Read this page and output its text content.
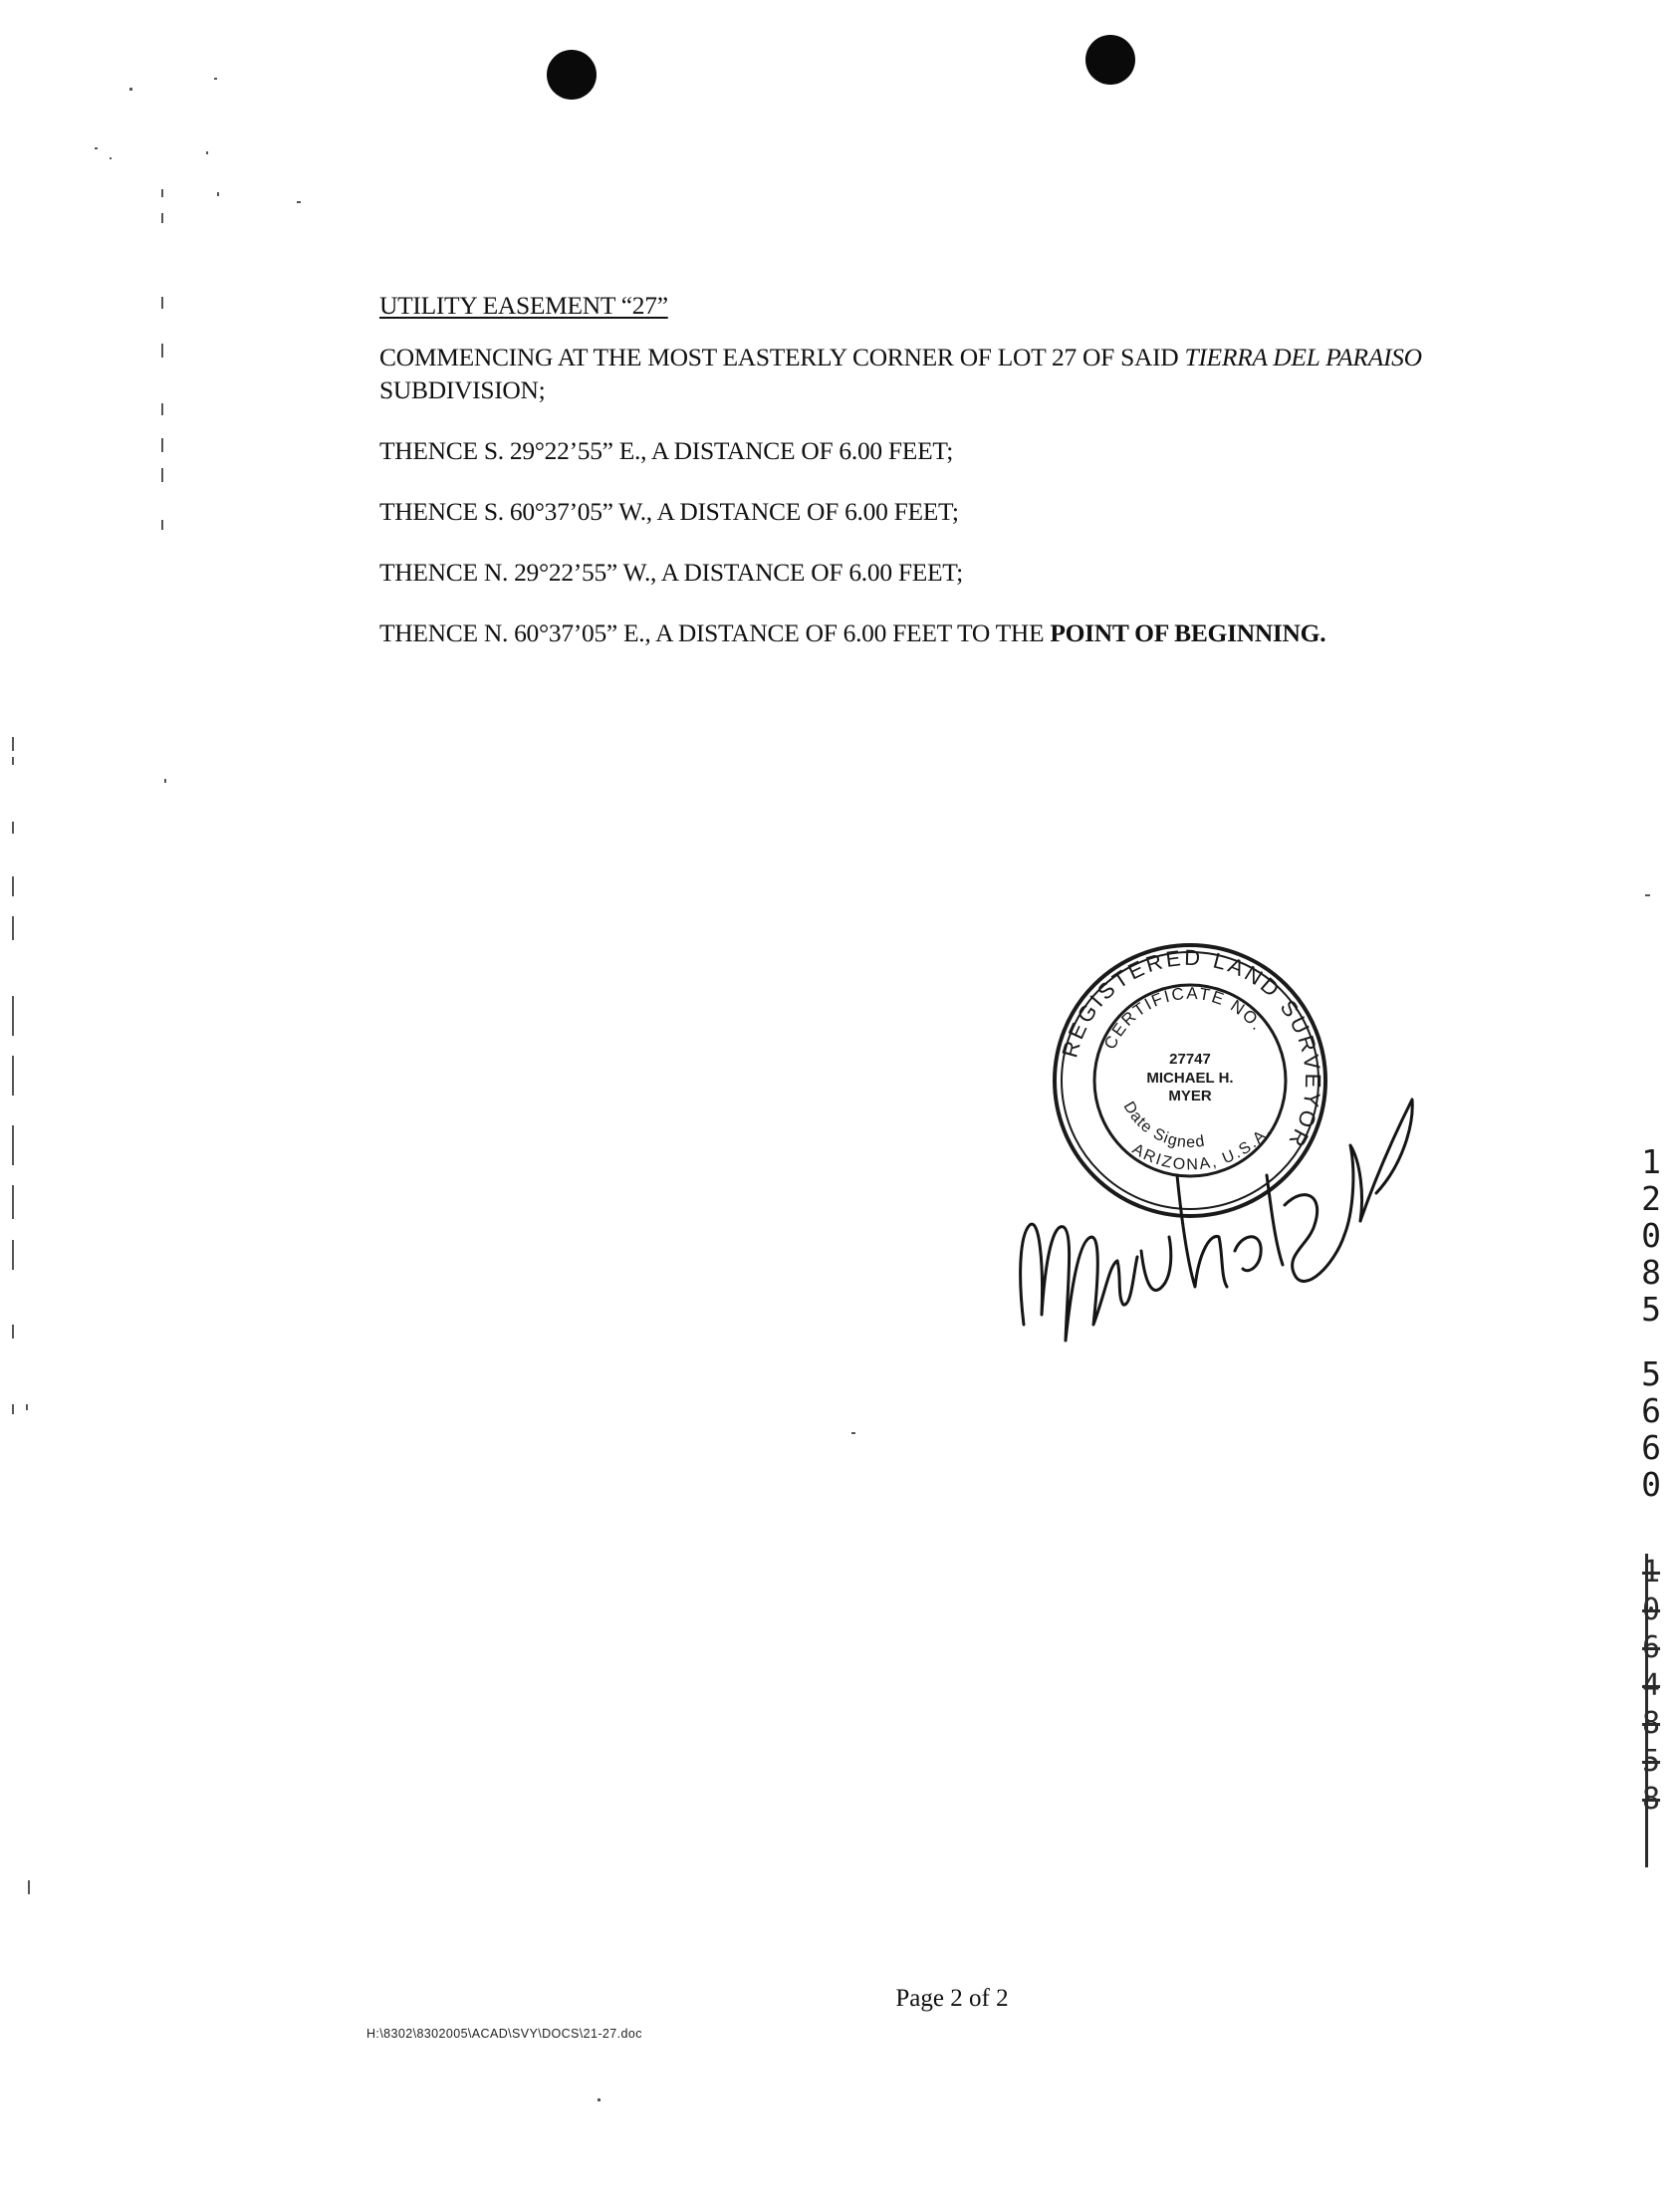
UTILITY EASEMENT “27”

COMMENCING AT THE MOST EASTERLY CORNER OF LOT 27 OF SAID TIERRA DEL PARAISO SUBDIVISION;

THENCE S. 29°22’55” E., A DISTANCE OF 6.00 FEET;

THENCE S. 60°37’05” W., A DISTANCE OF 6.00 FEET;

THENCE N. 29°22’55” W., A DISTANCE OF 6.00 FEET;

THENCE N. 60°37’05” E., A DISTANCE OF 6.00 FEET TO THE POINT OF BEGINNING.

REGISTERED LAND SURVEYOR
CERTIFICATE NO.
27747
MICHAEL H.
MYER
Date Signed
ARIZONA, U.S.A.
1
2
0
8
5
5
6
6
0
1
0
6
4
8
5
8
Page 2 of 2
H:\8302\8302005\ACAD\SVY\DOCS\21-27.doc
